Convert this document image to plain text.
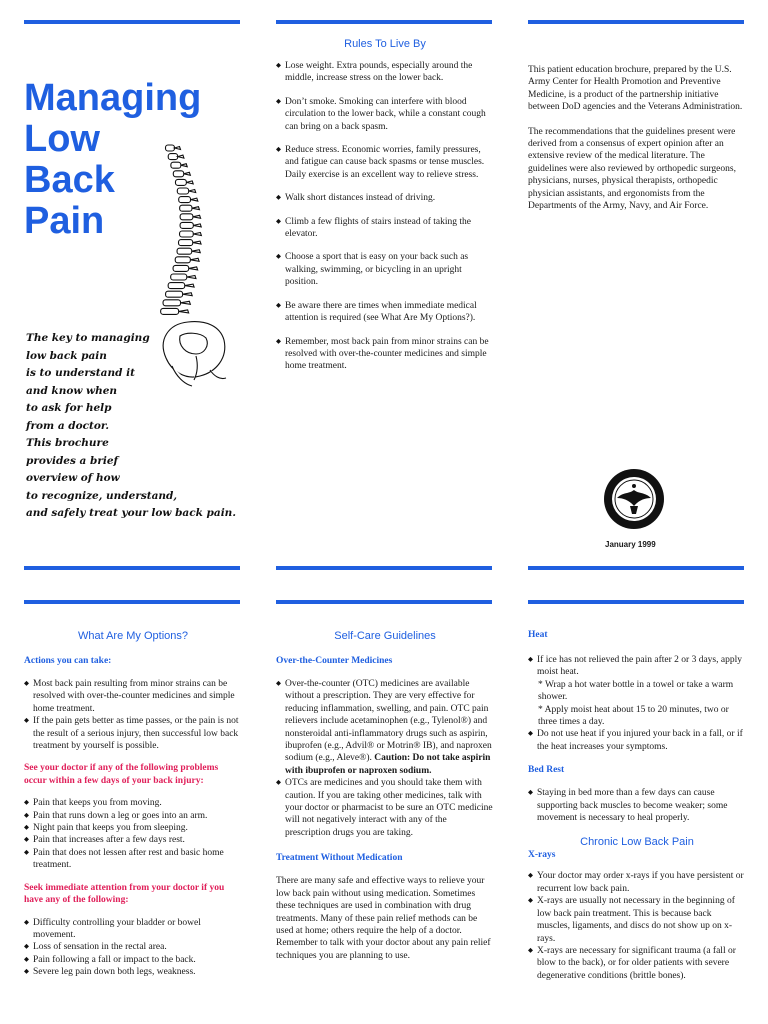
Managing
Low
Back
Pain
The key to managing
low back pain
is to understand it
and know when
to ask for help
from a doctor.
This brochure
provides a brief
overview of how
to recognize, understand,
and safely treat your low back pain.

Rules To Live By

◆ Lose weight. Extra pounds, especially around the middle, increase stress on the lower back.
◆ Don’t smoke. Smoking can interfere with blood circulation to the lower back, while a constant cough can bring on a back spasm.
◆ Reduce stress. Economic worries, family pressures, and fatigue can cause back spasms or tense muscles. Daily exercise is an excellent way to relieve stress.
◆ Walk short distances instead of driving.
◆ Climb a few flights of stairs instead of taking the elevator.
◆ Choose a sport that is easy on your back such as walking, swimming, or bicycling in an upright position.
◆ Be aware there are times when immediate medical attention is required (see What Are My Options?).
◆ Remember, most back pain from minor strains can be resolved with over-the-counter medicines and simple home treatment.

This patient education brochure, prepared by the U.S. Army Center for Health Promotion and Preventive Medicine, is a product of the partnership initiative between DoD agencies and the Veterans Administration.

The recommendations that the guidelines present were derived from a consensus of expert opinion after an extensive review of the medical literature. The guidelines were also reviewed by orthopedic surgeons, physicians, nurses, physical therapists, orthopedic physician assistants, and ergonomists from the Departments of the Army, Navy, and Air Force.

January 1999

What Are My Options?

Actions you can take:

◆ Most back pain resulting from minor strains can be resolved with over-the-counter medicines and simple home treatment.
◆ If the pain gets better as time passes, or the pain is not the result of a serious injury, then successful low back treatment by yourself is possible.
See your doctor if any of the following problems occur within a few days of your back injury:
◆ Pain that keeps you from moving.
◆ Pain that runs down a leg or goes into an arm.
◆ Night pain that keeps you from sleeping.
◆ Pain that increases after a few days rest.
◆ Pain that does not lessen after rest and basic home treatment.
Seek immediate attention from your doctor if you have any of the following:
◆ Difficulty controlling your bladder or bowel movement.
◆ Loss of sensation in the rectal area.
◆ Pain following a fall or impact to the back.
◆ Severe leg pain down both legs, weakness.

Self-Care Guidelines

Over-the-Counter Medicines

◆ Over-the-counter (OTC) medicines are available without a prescription. They are very effective for reducing inflammation, swelling, and pain. OTC pain relievers include acetaminophen (e.g., Tylenol®) and nonsteroidal anti-inflammatory drugs such as aspirin, ibuprofen (e.g., Advil® or Motrin® IB), and naproxen sodium (e.g., Aleve®). Caution: Do not take aspirin with ibuprofen or naproxen sodium.
◆ OTCs are medicines and you should take them with caution. If you are taking other medicines, talk with your doctor or pharmacist to be sure an OTC medicine will not negatively interact with any of the prescription drugs you are taking.

Treatment Without Medication

There are many safe and effective ways to relieve your low back pain without using medication. Sometimes these techniques are used in combination with drug treatments. Many of these pain relief methods can be used at home; others require the help of a doctor. Remember to talk with your doctor about any pain relief techniques you are planning to use.

Heat

◆ If ice has not relieved the pain after 2 or 3 days, apply moist heat.
* Wrap a hot water bottle in a towel or take a warm shower.
* Apply moist heat about 15 to 20 minutes, two or three times a day.
◆ Do not use heat if you injured your back in a fall, or if the heat increases your symptoms.

Bed Rest

◆ Staying in bed more than a few days can cause supporting back muscles to become weaker; some movement is necessary to heal properly.

Chronic Low Back Pain

X-rays

◆ Your doctor may order x-rays if you have persistent or recurrent low back pain.
◆ X-rays are usually not necessary in the beginning of low back pain treatment. This is because back muscles, ligaments, and discs do not show up on x-rays.
◆ X-rays are necessary for significant trauma (a fall or blow to the back), or for older patients with severe degenerative conditions (brittle bones).
